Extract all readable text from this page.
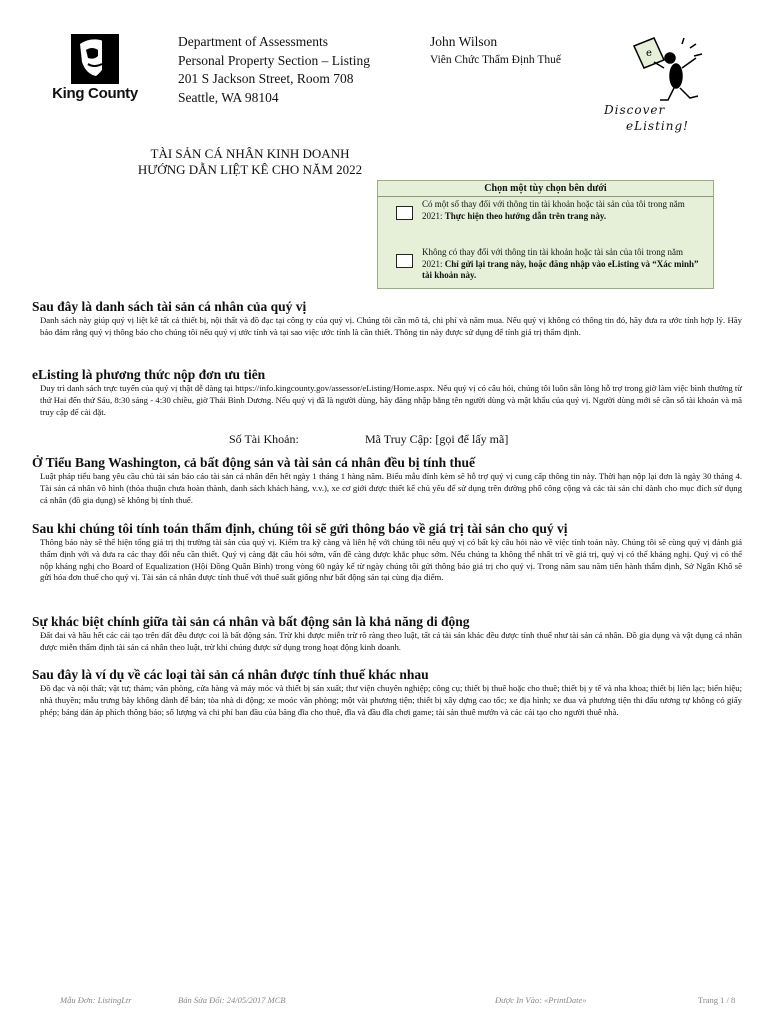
King County
Department of Assessments
Personal Property Section – Listing
201 S Jackson Street, Room 708
Seattle, WA 98104
John Wilson
Viên Chức Thẩm Định Thuế
e
Discover
eListing!
TÀI SẢN CÁ NHÂN KINH DOANH
HƯỚNG DẪN LIỆT KÊ CHO NĂM 2022
Chọn một tùy chọn bên dưới
Có một số thay đổi với thông tin tài khoản hoặc tài sản của tôi trong năm 2021: Thực hiện theo hướng dẫn trên trang này.
Không có thay đổi với thông tin tài khoản hoặc tài sản của tôi trong năm 2021: Chỉ gửi lại trang này, hoặc đăng nhập vào eListing và “Xác minh” tài khoản này.
Sau đây là danh sách tài sản cá nhân của quý vị

Danh sách này giúp quý vị liệt kê tất cả thiết bị, nội thất và đồ đạc tại công ty của quý vị. Chúng tôi cần mô tả, chi phí và năm mua. Nếu quý vị không có thông tin đó, hãy đưa ra ước tính hợp lý. Hãy bảo đảm rằng quý vị thông báo cho chúng tôi nếu quý vị ước tính và tại sao việc ước tính là cần thiết. Thông tin này được sử dụng để tính giá trị thẩm định.

eListing là phương thức nộp đơn ưu tiên

Duy trì danh sách trực tuyến của quý vị thật dễ dàng tại https://info.kingcounty.gov/assessor/eListing/Home.aspx. Nếu quý vị có câu hỏi, chúng tôi luôn sẵn lòng hỗ trợ trong giờ làm việc bình thường từ thứ Hai đến thứ Sáu, 8:30 sáng - 4:30 chiều, giờ Thái Bình Dương. Nếu quý vị đã là người dùng, hãy đăng nhập bằng tên người dùng và mật khẩu của quý vị. Người dùng mới sẽ cần số tài khoản và mã truy cập để cài đặt.

Số Tài Khoản:	Mã Truy Cập: [gọi để lấy mã]
Ở Tiểu Bang Washington, cả bất động sản và tài sản cá nhân đều bị tính thuế

Luật pháp tiểu bang yêu cầu chủ tài sản báo cáo tài sản cá nhân đến hết ngày 1 tháng 1 hàng năm. Biểu mẫu đính kèm sẽ hỗ trợ quý vị cung cấp thông tin này. Thời hạn nộp lại đơn là ngày 30 tháng 4. Tài sản cá nhân vô hình (thỏa thuận chưa hoàn thành, danh sách khách hàng, v.v.), xe cơ giới được thiết kế chủ yếu để sử dụng trên đường phố công cộng và các tài sản chỉ dành cho mục đích sử dụng cá nhân (đồ gia dụng) sẽ không bị tính thuế.

Sau khi chúng tôi tính toán thẩm định, chúng tôi sẽ gửi thông báo về giá trị tài sản cho quý vị

Thông báo này sẽ thể hiện tổng giá trị thị trường tài sản của quý vị. Kiểm tra kỹ càng và liên hệ với chúng tôi nếu quý vị có bất kỳ câu hỏi nào về việc tính toán này. Chúng tôi sẽ cùng quý vị đánh giá thẩm định với và đưa ra các thay đổi nếu cần thiết. Quý vị càng đặt câu hỏi sớm, vấn đề càng được khắc phục sớm. Nếu chúng ta không thể nhất trí về giá trị, quý vị có thể kháng nghị. Quý vị có thể nộp kháng nghị cho Board of Equalization (Hội Đồng Quân Bình) trong vòng 60 ngày kể từ ngày chúng tôi gửi thông báo giá trị cho quý vị. Trong năm sau năm tiến hành thẩm định, Sở Ngân Khố sẽ gửi hóa đơn thuế cho quý vị. Tài sản cá nhân được tính thuế với thuế suất giống như bất động sản tại cùng địa điểm.

Sự khác biệt chính giữa tài sản cá nhân và bất động sản là khả năng di động

Đất đai và hầu hết các cải tạo trên đất đều được coi là bất động sản. Trừ khi được miễn trừ rõ ràng theo luật, tất cả tài sản khác đều được tính thuế như tài sản cá nhân. Đồ gia dụng và vật dụng cá nhân được miễn thẩm định tài sản cá nhân theo luật, trừ khi chúng được sử dụng trong hoạt động kinh doanh.

Sau đây là ví dụ về các loại tài sản cá nhân được tính thuế khác nhau

Đồ đạc và nội thất; vật tư; thảm; văn phòng, cửa hàng và máy móc và thiết bị sản xuất; thư viện chuyên nghiệp; công cụ; thiết bị thuê hoặc cho thuê; thiết bị y tế và nha khoa; thiết bị liên lạc; biển hiệu; nhà thuyền; mẫu trưng bày không dành để bán; tòa nhà di động; xe moóc văn phòng; một vài phương tiện; thiết bị xây dựng cao tốc; xe địa hình; xe đua và phương tiện thi đấu tương tự không có giấy phép; bảng dán áp phích thông báo; số lượng và chi phí ban đầu của băng đĩa cho thuê, đĩa và đầu đĩa chơi game; tài sản thuê mướn và các cải tạo cho người thuê nhà.

Mẫu Đơn: ListingLtr	Bản Sửa Đổi: 24/05/2017 MCB	Được In Vào: «PrintDate»	Trang 1 / 8
